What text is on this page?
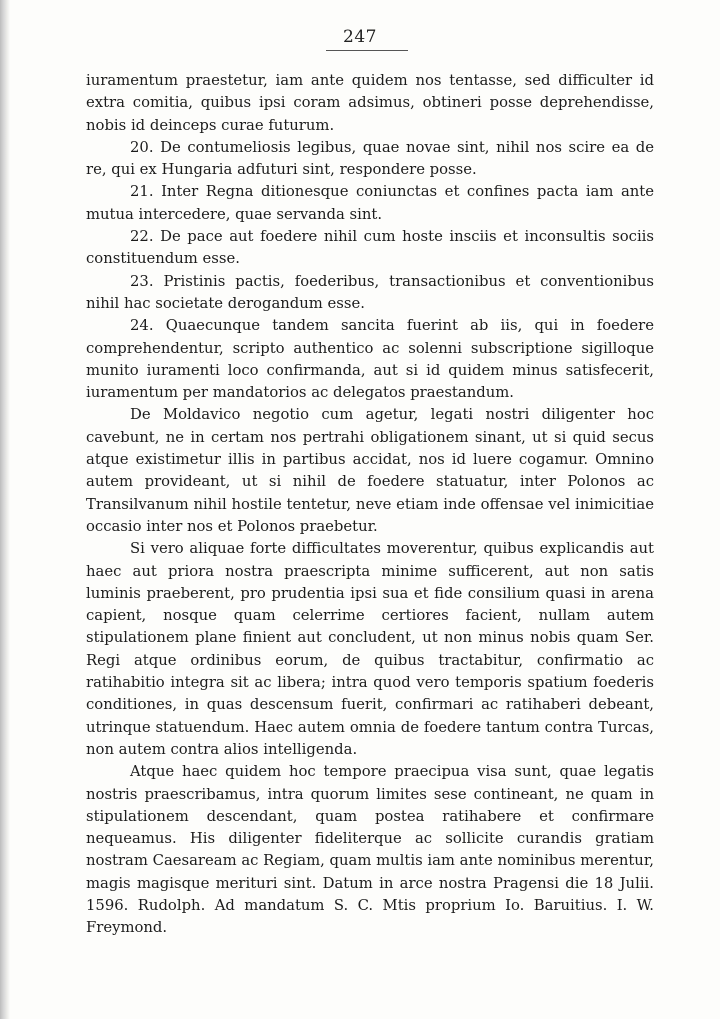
247

iuramentum praestetur, iam ante quidem nos tentasse, sed difficulter id extra comitia, quibus ipsi coram adsimus, obtineri posse deprehendisse, nobis id deinceps curae futurum.

20. De contumeliosis legibus, quae novae sint, nihil nos scire ea de re, qui ex Hungaria adfuturi sint, respondere posse.

21. Inter Regna ditionesque coniunctas et confines pacta iam ante mutua intercedere, quae servanda sint.

22. De pace aut foedere nihil cum hoste insciis et inconsultis sociis constituendum esse.

23. Pristinis pactis, foederibus, transactionibus et conventionibus nihil hac societate derogandum esse.

24. Quaecunque tandem sancita fuerint ab iis, qui in foedere comprehendentur, scripto authentico ac solenni subscriptione sigilloque munito iuramenti loco confirmanda, aut si id quidem minus satisfecerit, iuramentum per mandatorios ac delegatos praestandum.

De Moldavico negotio cum agetur, legati nostri diligenter hoc cavebunt, ne in certam nos pertrahi obligationem sinant, ut si quid secus atque existimetur illis in partibus accidat, nos id luere cogamur. Omnino autem provideant, ut si nihil de foedere statuatur, inter Polonos ac Transilvanum nihil hostile tentetur, neve etiam inde offensae vel inimicitiae occasio inter nos et Polonos praebetur.

Si vero aliquae forte difficultates moverentur, quibus explicandis aut haec aut priora nostra praescripta minime sufficerent, aut non satis luminis praeberent, pro prudentia ipsi sua et fide consilium quasi in arena capient, nosque quam celerrime certiores facient, nullam autem stipulationem plane finient aut concludent, ut non minus nobis quam Ser. Regi atque ordinibus eorum, de quibus tractabitur, confirmatio ac ratihabitio integra sit ac libera; intra quod vero temporis spatium foederis conditiones, in quas descensum fuerit, confirmari ac ratihaberi debeant, utrinque statuendum. Haec autem omnia de foedere tantum contra Turcas, non autem contra alios intelligenda.

Atque haec quidem hoc tempore praecipua visa sunt, quae legatis nostris praescribamus, intra quorum limites sese contineant, ne quam in stipulationem descendant, quam postea ratihabere et confirmare nequeamus. His diligenter fideliterque ac sollicite curandis gratiam nostram Caesaream ac Regiam, quam multis iam ante nominibus merentur, magis magisque merituri sint. Datum in arce nostra Pragensi die 18 Julii. 1596. Rudolph. Ad mandatum S. C. Mtis proprium Io. Baruitius. I. W. Freymond.
